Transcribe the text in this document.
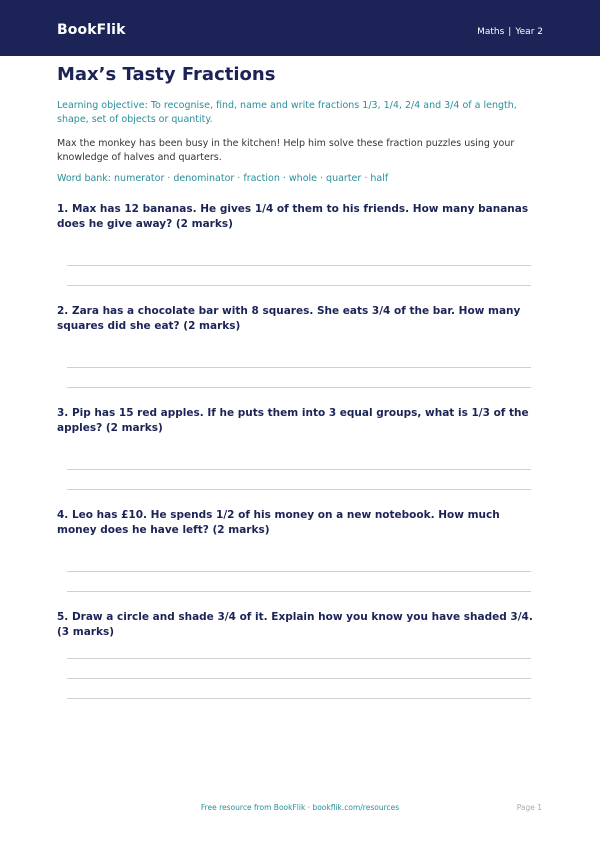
BookFlik	Maths | Year 2
Max’s Tasty Fractions
Learning objective: To recognise, find, name and write fractions 1/3, 1/4, 2/4 and 3/4 of a length, shape, set of objects or quantity.
Max the monkey has been busy in the kitchen! Help him solve these fraction puzzles using your knowledge of halves and quarters.
Word bank: numerator · denominator · fraction · whole · quarter · half
1. Max has 12 bananas. He gives 1/4 of them to his friends. How many bananas does he give away? (2 marks)
2. Zara has a chocolate bar with 8 squares. She eats 3/4 of the bar. How many squares did she eat? (2 marks)
3. Pip has 15 red apples. If he puts them into 3 equal groups, what is 1/3 of the apples? (2 marks)
4. Leo has £10. He spends 1/2 of his money on a new notebook. How much money does he have left? (2 marks)
5. Draw a circle and shade 3/4 of it. Explain how you know you have shaded 3/4. (3 marks)
Free resource from BookFlik · bookflik.com/resources	Page 1
